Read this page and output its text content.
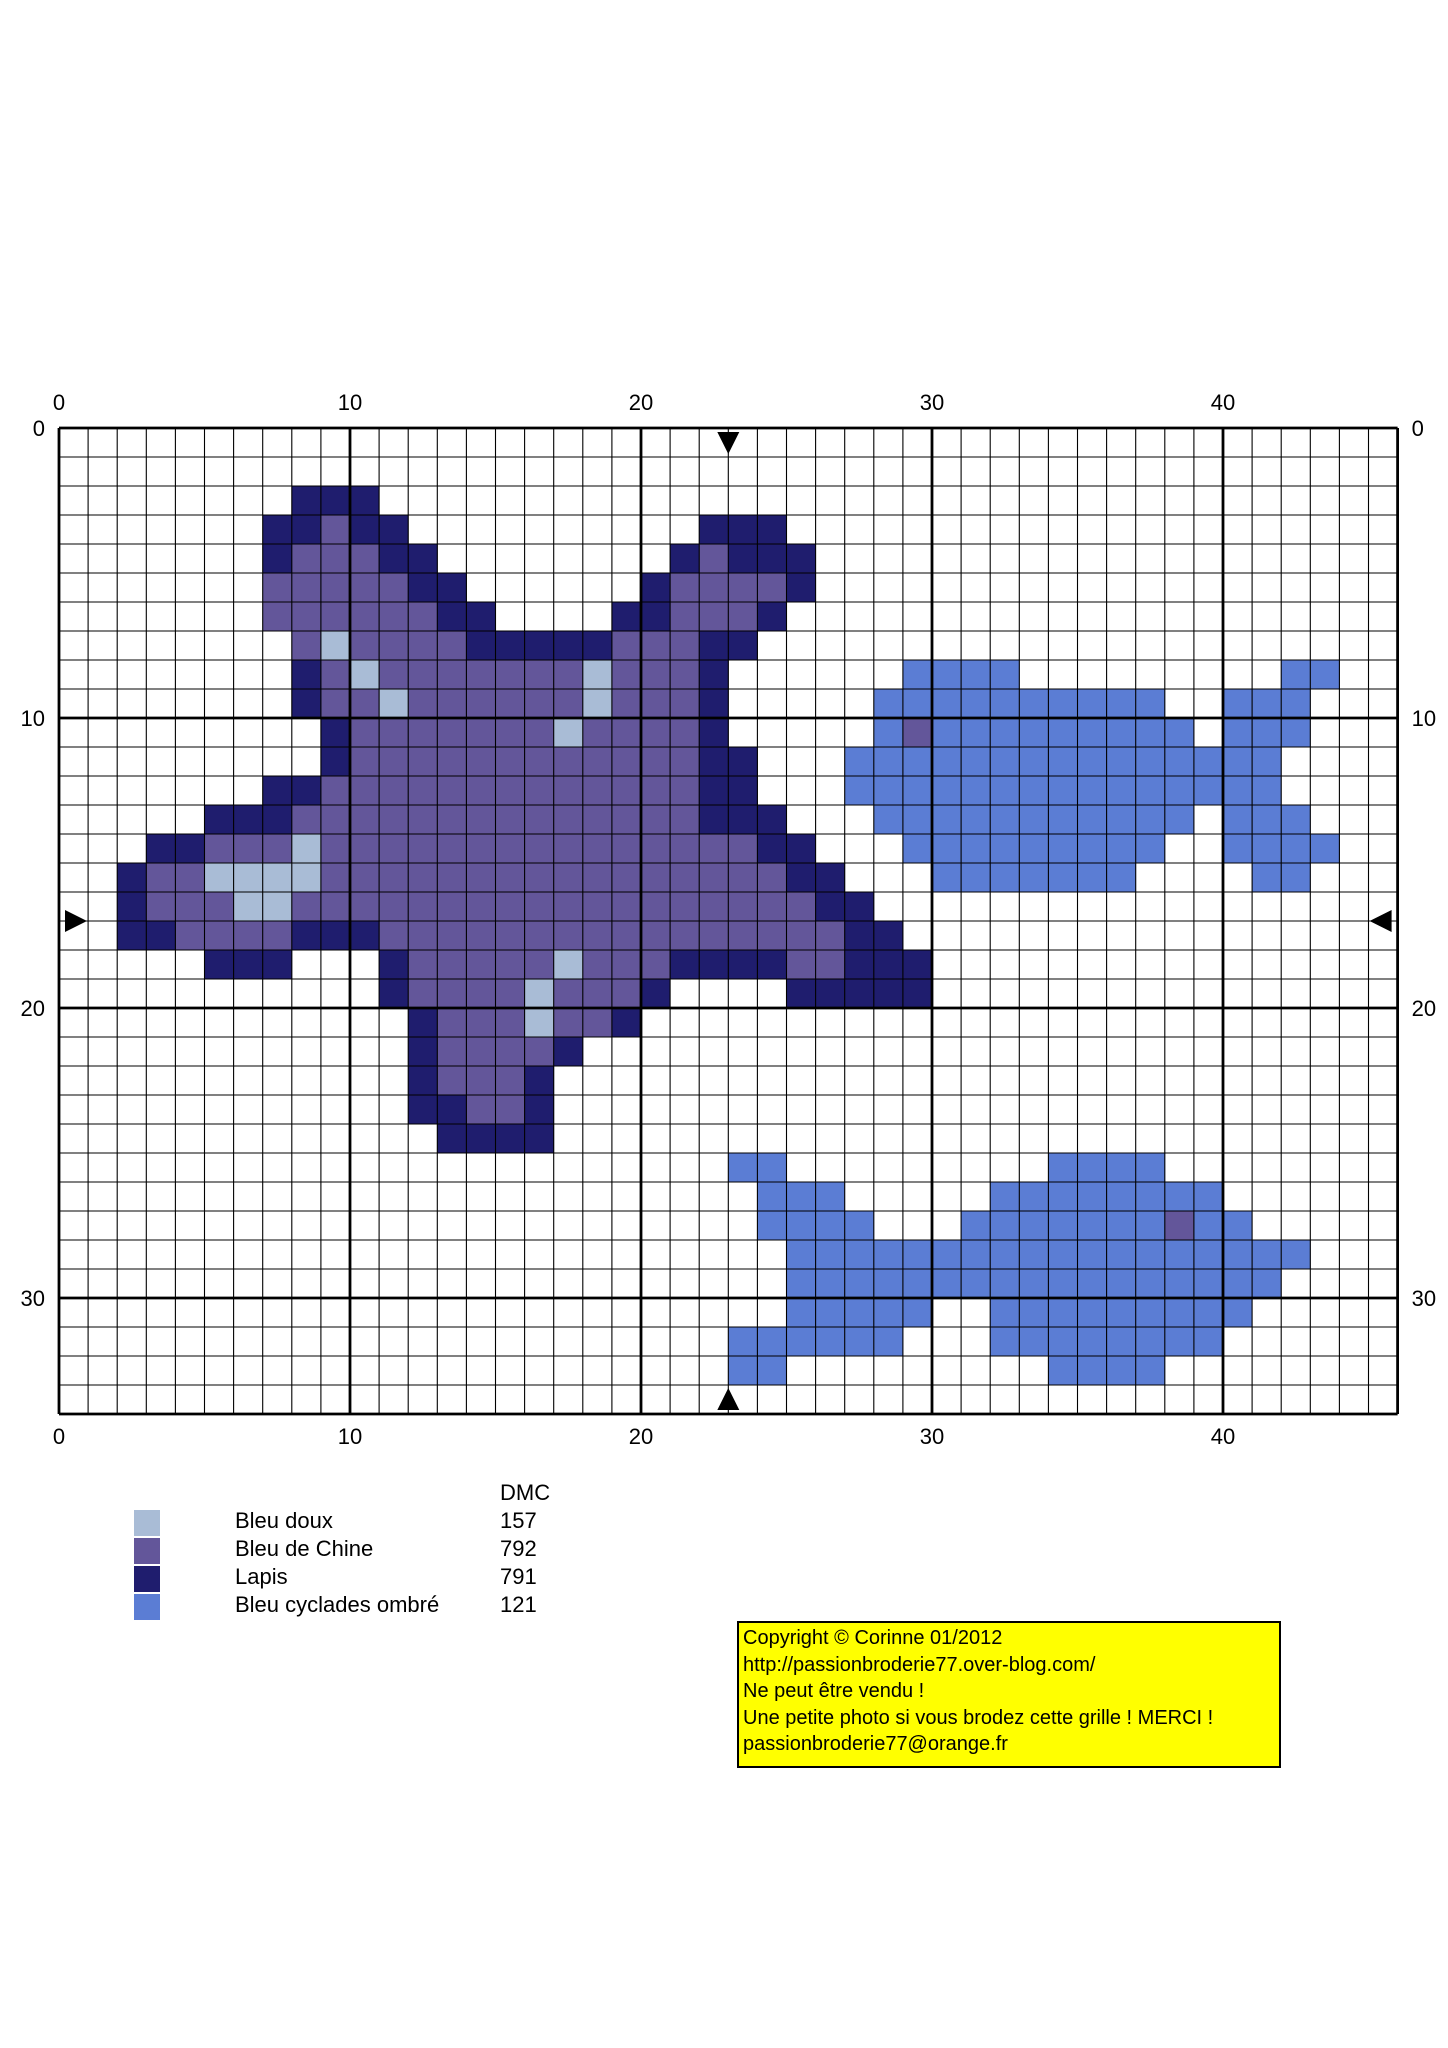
0	10	20	30	40
0	10	20	30	40
0
10
20
30
0
10
20
30
DMC
Bleu doux	157
Bleu de Chine	792
Lapis	791
Bleu cyclades ombré	121
Copyright © Corinne 01/2012
http://passionbroderie77.over-blog.com/
Ne peut être vendu !
Une petite photo si vous brodez cette grille ! MERCI !
passionbroderie77@orange.fr
